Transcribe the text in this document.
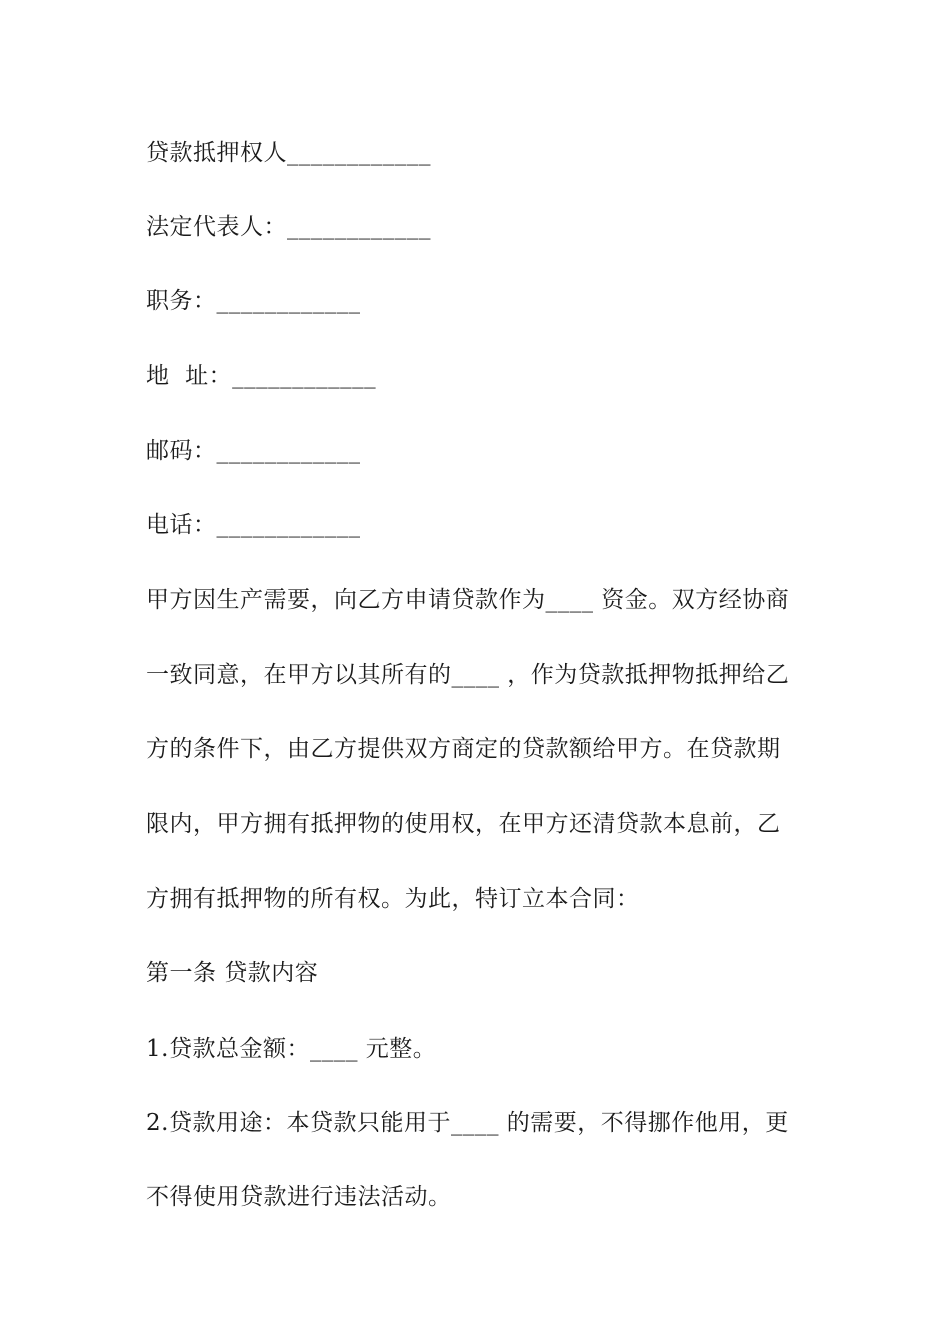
贷款抵押权人____________

法定代表人：____________

职务：____________

地  址：____________

邮码：____________

电话：____________

甲方因生产需要，向乙方申请贷款作为____ 资金。双方经协商

一致同意，在甲方以其所有的____ ，作为贷款抵押物抵押给乙

方的条件下，由乙方提供双方商定的贷款额给甲方。在贷款期

限内，甲方拥有抵押物的使用权，在甲方还清贷款本息前，乙

方拥有抵押物的所有权。为此，特订立本合同：

第一条 贷款内容

1.贷款总金额：____ 元整。

2.贷款用途：本贷款只能用于____ 的需要，不得挪作他用，更

不得使用贷款进行违法活动。
